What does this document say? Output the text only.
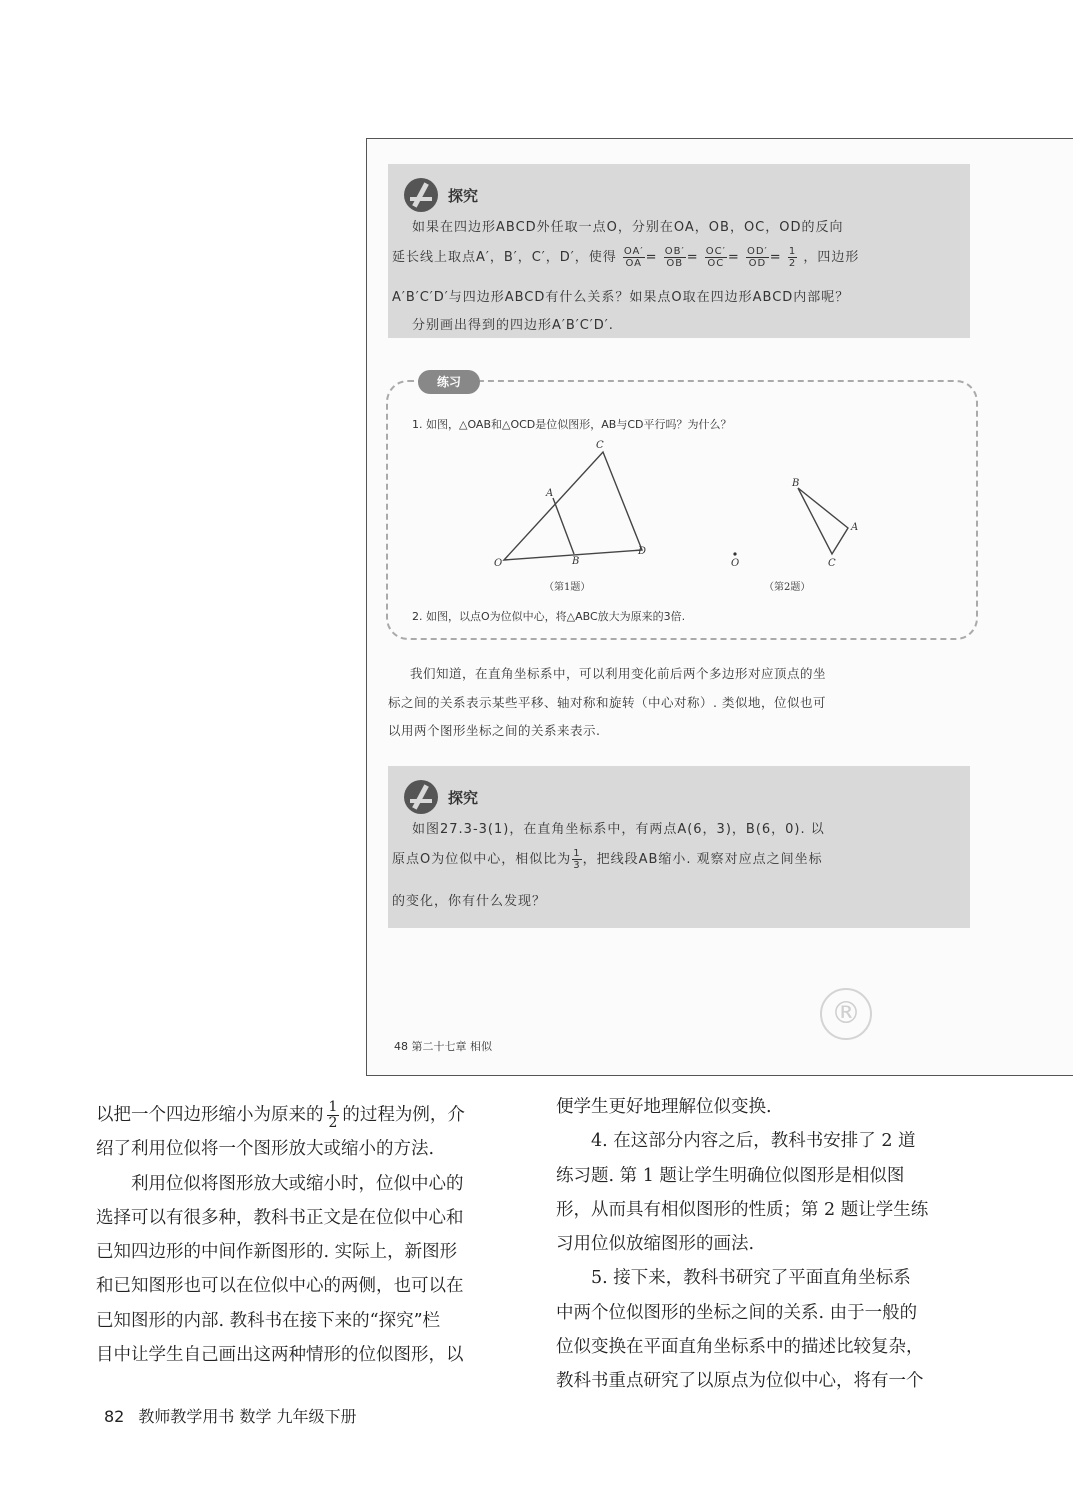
探究
如果在四边形ABCD外任取一点O，分别在OA，OB，OC，OD的反向
延长线上取点A′，B′，C′，D′，使得 $\frac{OA'}{OA} = \frac{OB'}{OB} = \frac{OC'}{OC} = \frac{OD'}{OD} = \frac{1}{2}$ ，四边形
A′B′C′D′与四边形ABCD有什么关系？如果点O取在四边形ABCD内部呢？
分别画出得到的四边形A′B′C′D′.
练习
1. 如图，△OAB和△OCD是位似图形，AB与CD平行吗？为什么？
O
A
B
C
D
O
B
A
C
（第1题）	（第2题）
2. 如图，以点O为位似中心，将△ABC放大为原来的3倍.
我们知道，在直角坐标系中，可以利用变化前后两个多边形对应顶点的坐
标之间的关系表示某些平移、轴对称和旋转（中心对称）. 类似地，位似也可
以用两个图形坐标之间的关系来表示.
探究
如图27.3-3(1)，在直角坐标系中，有两点A(6，3)，B(6，0). 以
原点O为位似中心，相似比为 $\frac{1}{3}$ ，把线段AB缩小. 观察对应点之间坐标
的变化，你有什么发现？
48 第二十七章 相似
®

以把一个四边形缩小为原来的 $\frac{1}{2}$ 的过程为例，介

绍了利用位似将一个图形放大或缩小的方法.

　　利用位似将图形放大或缩小时，位似中心的

选择可以有很多种，教科书正文是在位似中心和

已知四边形的中间作新图形的. 实际上，新图形

和已知图形也可以在位似中心的两侧，也可以在

已知图形的内部. 教科书在接下来的“探究”栏

目中让学生自己画出这两种情形的位似图形，以

便学生更好地理解位似变换.

　　4. 在这部分内容之后，教科书安排了 2 道

练习题. 第 1 题让学生明确位似图形是相似图

形，从而具有相似图形的性质；第 2 题让学生练

习用位似放缩图形的画法.

　　5. 接下来，教科书研究了平面直角坐标系

中两个位似图形的坐标之间的关系. 由于一般的

位似变换在平面直角坐标系中的描述比较复杂，

教科书重点研究了以原点为位似中心，将有一个

82 教师教学用书 数学 九年级下册
